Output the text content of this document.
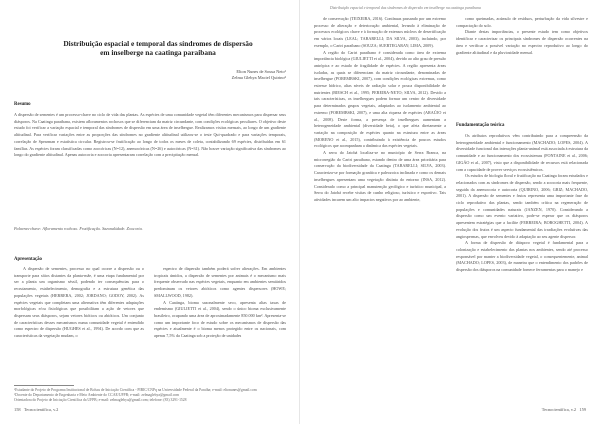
Distribuição espacial e temporal das síndromes de dispersão em inselberge na caatinga paraibana
Elton Nunes de Sousa Neto¹
Zelma Glebya Maciel Quirino²
Resumo

A dispersão de sementes é um processo-chave no ciclo de vida das plantas. As espécies de uma comunidade vegetal têm diferentes mecanismos para dispersar seus diásporos. Na Caatinga paraibana, existem afloramentos rochosos que se diferenciam da matriz circundante, com condições ecológicas peculiares. O objetivo deste estudo foi verificar a variação espacial e temporal das síndromes de dispersão em uma área de inselbergue. Realizamos visitas mensais, ao longo de um gradiente altitudinal. Para verificar variações entre as proporções das síndromes no gradiente altitudinal utilizou-se o teste Qui-quadrado e para variações temporais, correlação de Spearman e estatística circular. Registrou-se frutificação ao longo de todos os meses de coleta, contabilizando 69 espécies, distribuídas em 61 famílias. As espécies foram classificadas como zoocóricas (N=12), anemocóricas (N=26) e autocóricas (N=31). Não houve variação significativa das síndromes ao longo do gradiente altitudinal. Apenas autocoria e zoocoria apresentaram correlação com a precipitação mensal.

Palavras-chave: Afloramento rochoso. Frutificação. Sazonalidade. Zoocoria.
Apresentação

A dispersão de sementes, processo no qual ocorre a dispersão ou o transporte para sítios distantes da planta-mãe, é uma etapa fundamental por ser a planta um organismo séssil, podendo ter consequências para o recrutamento, estabelecimento, demografia e a estrutura genética das populações vegetais (HERRERA, 2002; JORDANO; GODOY, 2002). As espécies vegetais que completam uma alternativa têm diferentes adaptações morfológicas e/ou fisiológicas que possibilitam a ação de vetores que dispersam seus diásporos, sejam vetores bióticos ou abióticos. Um conjunto de características desses mecanismos numa comunidade vegetal é entendido como espectro de dispersão (HUGHES et al., 1994). De acordo com que as características da vegetação mudam, o

espectro de dispersão também poderá sofrer alterações. Em ambientes tropicais úmidos, a dispersão de sementes por animais é o mecanismo mais frequente observado nas espécies vegetais, enquanto em ambientes semiáridos predominam os vetores abióticos como agentes dispersores (HOWE; SMALLWOOD, 1982).

A Caatinga, bioma sazonalmente seco, apresenta altas taxas de endemismo (GIULIETTI et al., 2004), sendo o único bioma exclusivamente brasileiro, ocupando uma área de aproximadamente 850.000 km². Apresenta-se como um importante foco de estudo sobre os mecanismos de dispersão das espécies e atualmente é o bioma menos protegido entre os nacionais, com apenas 7,5% da Caatinga sob a proteção de unidades

¹Estudante do Projeto de Programa Institucional de Bolsas de Iniciação Científica - PIBIC/CNPq na Universidade Federal da Paraíba; e-mail: eltonunes@gmail.com
²Docente do Departamento de Engenharia e Meio Ambiente do CCAE/UFPB; e-mail: zelmaglebya@gmail.com
Orientadora do Projeto de Iniciação Científica da UFPB; e-mail: zelmaglebya@gmail.com; telefone: (83) 3291-1528
158 Tecnocientífica, v.2
Distribuição espacial e temporal das síndromes de dispersão em inselberge na caatinga paraibana

de conservação (TEIXEIRA, 2016). Contínuas passando por um extremo processo de alteração e deterioração ambiental, levando à eliminação de processos ecológicos chave e à formação de extensos núcleos de desertificação em vários locais (LEAL; TABARELLI; DA SILVA, 2003), incluindo, por exemplo, o Cariri paraibano (SOUZA; SUERTEGARAY; LIMA, 2009).

A região do Cariri paraibano é considerada como área de extrema importância biológica (GIULIETTI et al., 2004), devido ao alto grau de pressão antrópica e ao estado de fragilidade de espécies. A região apresenta áreas isoladas, as quais se diferenciam da matriz circundante, denominadas de inselbergue (POREMBSKI, 2007), com condições ecológicas extremas, como estresse hídrico, altas níveis de radiação solar e pouca disponibilidade de nutrientes (BIESCH et al., 1995; PEREIRA-NETO; SILVA, 2012). Devido a tais características, os inselbergues podem formar um centro de diversidade para determinados grupos vegetais, adaptados ao isolamento ambiental ao extremo (POREMBSKI, 2007), e uma alta riqueza de espécies (ARAÚJO et al., 2008). Deste forma, a presença de inselbergues aumentam a heterogeneidade ambiental (diversidade beta), o que afeta diretamente a variação na composição de espécies quanto na estrutura entre as áreas (MORENO et al., 2015), contribuindo à existência de poucos estudos ecológicos que acompanham a dinâmica das espécies vegetais.

A serra do Jatobá localiza-se no município de Serra Branca, na microrregião do Cariri paraibano, estando dentro de uma área prioritária para conservação da biodiversidade da Caatinga (TABARELLI; SILVA, 2003). Caracteriza-se por formação granítica e paleozoica inclinada e como os demais inselbergues apresentam uma vegetação distinta do entorno (INSA, 2012). Considerado como a principal manutenção geológico e turístico municipal, a Serra do Jatobá recebe visitas de cunho religioso, turístico e esportivo. Tais atividades incarem um alto impactos negativos por ao ambiente,

como queimadas, acúmulo de resíduos, perturbação da vida silvestre e compactação do solo.

Diante destas importâncias, o presente estudo tem como objetivos identificar e caracterizar os principais síndromes de dispersão ocorrentes na área e verificar a possível variação no espectro reprodutivo ao longo do gradiente altitudinal e da pluviosidade mensal.

Fundamentação teórica

Os atributos reprodutivos vêm contribuindo para a compreensão da heterogeneidade ambiental e funcionamento (MACHADO; LOPES, 2004). A diversidade funcional das interações planta-animal está associada à estrutura da comunidade e ao funcionamento dos ecossistemas (FONTAINE et al., 2006; GIGÃO et al., 2007), visto que a disponibilidade de recursos está relacionada com a capacidade de prover serviços ecossistêmicos.

Os estudos de biologia floral e frutificação na Caatinga foram estudados e relacionados com as síndromes de dispersão, sendo a zoocoria mais frequente, seguida da anemocoria e autocoria (QUIRINO, 2006; GRIZ; MACHADO, 2001). A dispersão de sementes e frutos representa uma importante fase do ciclo reprodutivo das plantas, sendo também crítica na regeneração de populações e comunidades naturais (JANZEN, 1970). Considerando a dispersão como um evento variativo, pode-se esperar que os diásporos apresentem estratégias que a facilite (FERREIRA; BOROGHETTI, 2004). A evolução dos frutos é um aspecto fundamental das irradiações evolutivas das angiospermas, que envolveu devido à adaptação ao seu agente dispersor.

A forma de dispersão de diásporo vegetal é fundamental para a colonização e estabelecimento das plantas nos ambientes, sendo até processo responsável por manter a biodiversidade vegetal, o consequentemente, animal (MACHADO; LOPES, 2003), de maneira que o entendimento dos padrões de dispersão dos diásporos na comunidade fornece ferramentas para o manejo e

Tecnocientífica, v.2 159
